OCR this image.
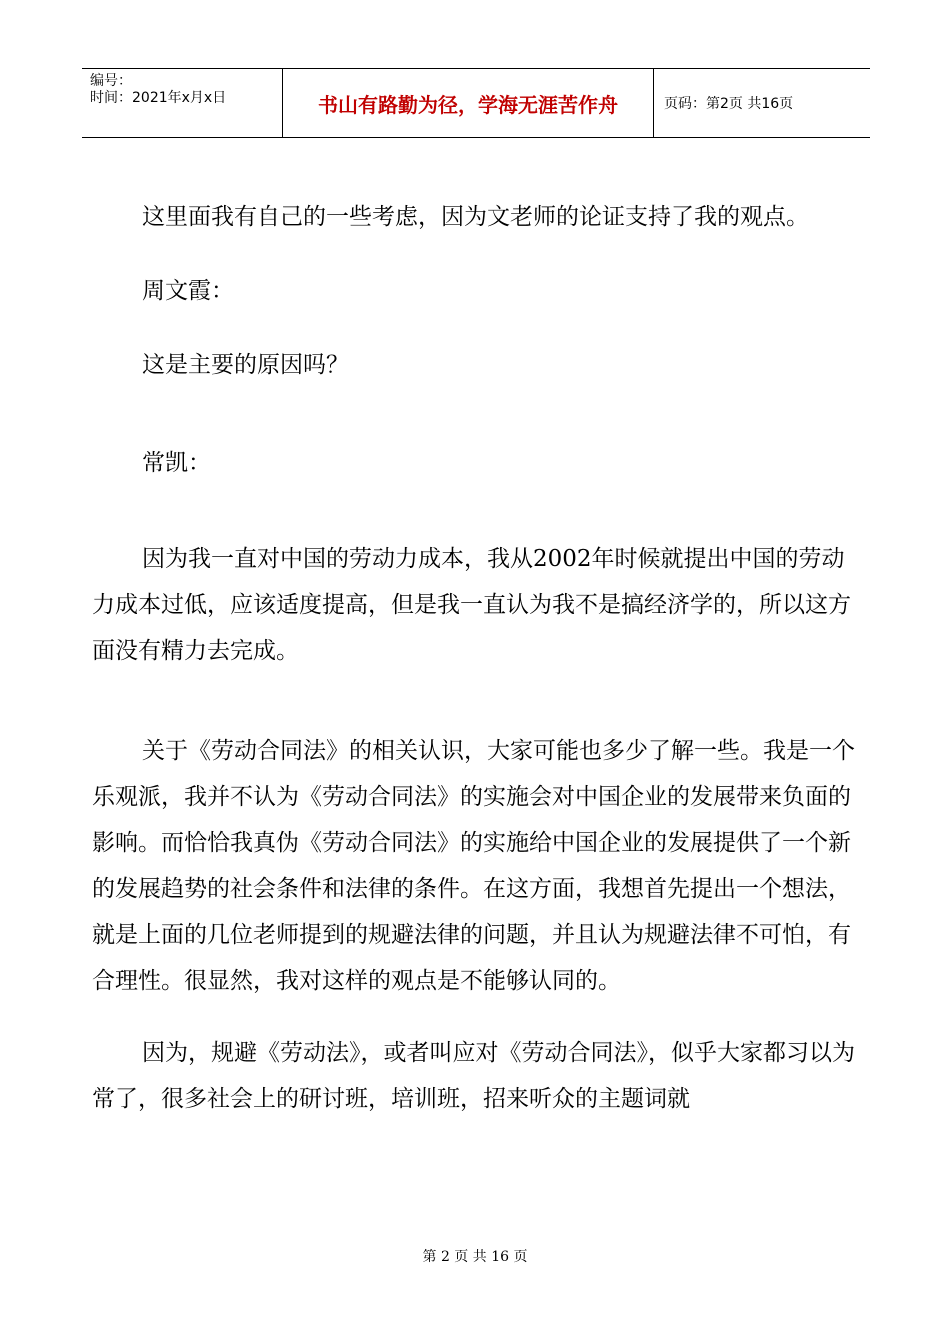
编号：
时间：2021年x月x日	书山有路勤为径，学海无涯苦作舟	页码：第2页 共16页

这里面我有自己的一些考虑，因为文老师的论证支持了我的观点。

周文霞：

这是主要的原因吗？

常凯：

因为我一直对中国的劳动力成本，我从2002年时候就提出中国的劳动力成本过低，应该适度提高，但是我一直认为我不是搞经济学的，所以这方面没有精力去完成。

关于《劳动合同法》的相关认识，大家可能也多少了解一些。我是一个乐观派，我并不认为《劳动合同法》的实施会对中国企业的发展带来负面的影响。而恰恰我真伪《劳动合同法》的实施给中国企业的发展提供了一个新的发展趋势的社会条件和法律的条件。在这方面，我想首先提出一个想法，就是上面的几位老师提到的规避法律的问题，并且认为规避法律不可怕，有合理性。很显然，我对这样的观点是不能够认同的。

因为，规避《劳动法》，或者叫应对《劳动合同法》，似乎大家都习以为常了，很多社会上的研讨班，培训班，招来听众的主题词就

第 2 页 共 16 页
